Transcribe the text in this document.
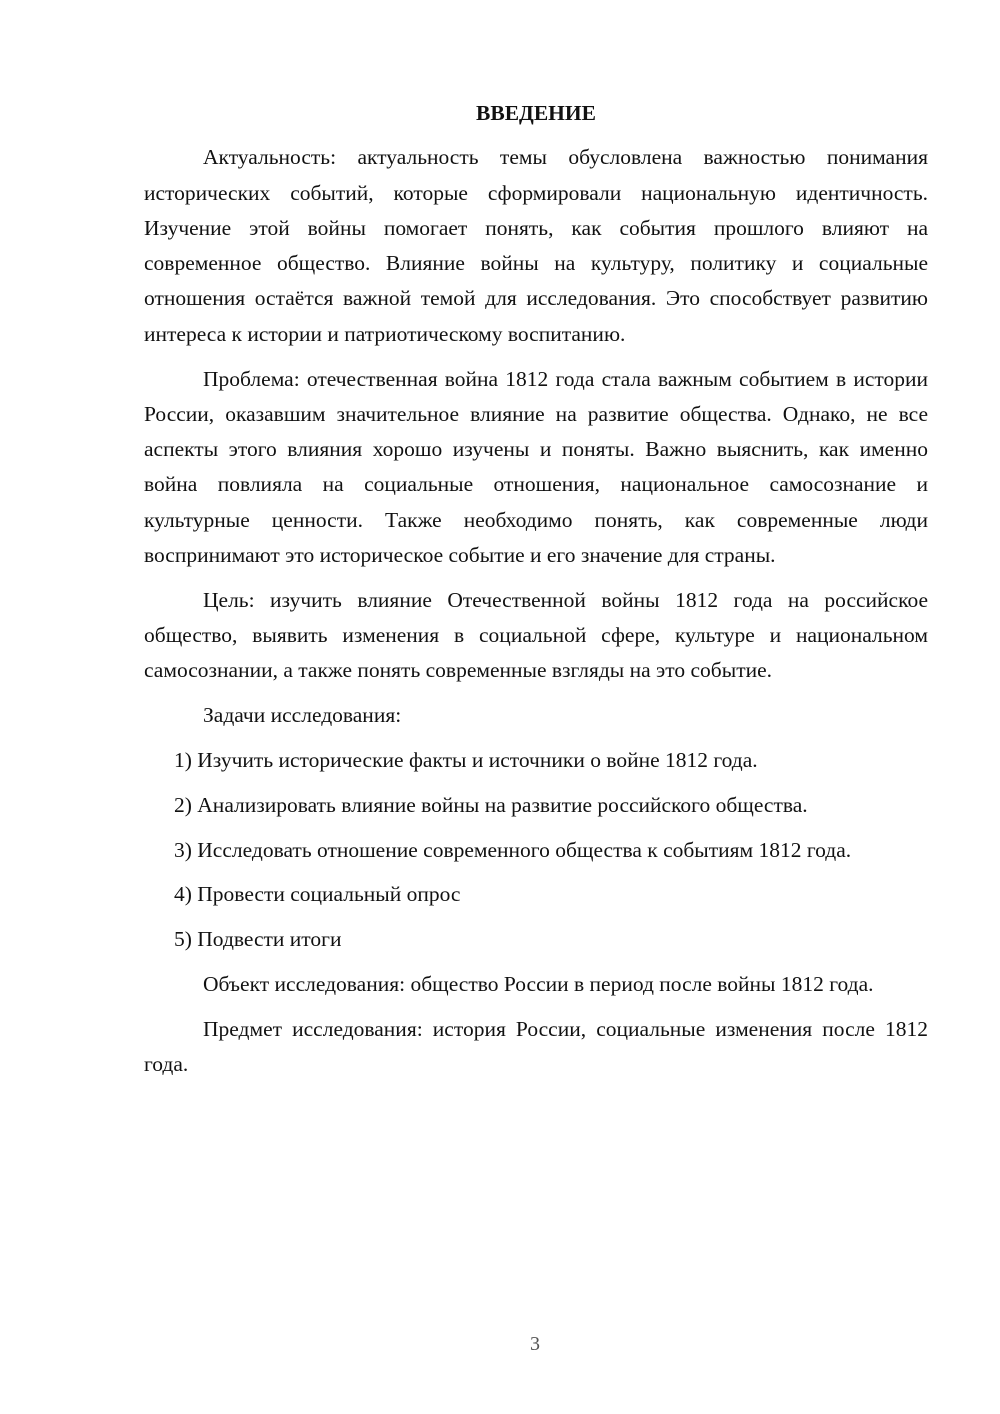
ВВЕДЕНИЕ

Актуальность: актуальность темы обусловлена важностью понимания исторических событий, которые сформировали национальную идентичность. Изучение этой войны помогает понять, как события прошлого влияют на современное общество. Влияние войны на культуру, политику и социальные отношения остаётся важной темой для исследования. Это способствует развитию интереса к истории и патриотическому воспитанию.

Проблема: отечественная война 1812 года стала важным событием в истории России, оказавшим значительное влияние на развитие общества. Однако, не все аспекты этого влияния хорошо изучены и поняты. Важно выяснить, как именно война повлияла на социальные отношения, национальное самосознание и культурные ценности. Также необходимо понять, как современные люди воспринимают это историческое событие и его значение для страны.

Цель: изучить влияние Отечественной войны 1812 года на российское общество, выявить изменения в социальной сфере, культуре и национальном самосознании, а также понять современные взгляды на это событие.

Задачи исследования:

1) Изучить исторические факты и источники о войне 1812 года.

2) Анализировать влияние войны на развитие российского общества.

3) Исследовать отношение современного общества к событиям 1812 года.

4) Провести социальный опрос

5) Подвести итоги

Объект исследования: общество России в период после войны 1812 года.

Предмет исследования: история России, социальные изменения после 1812 года.

3
